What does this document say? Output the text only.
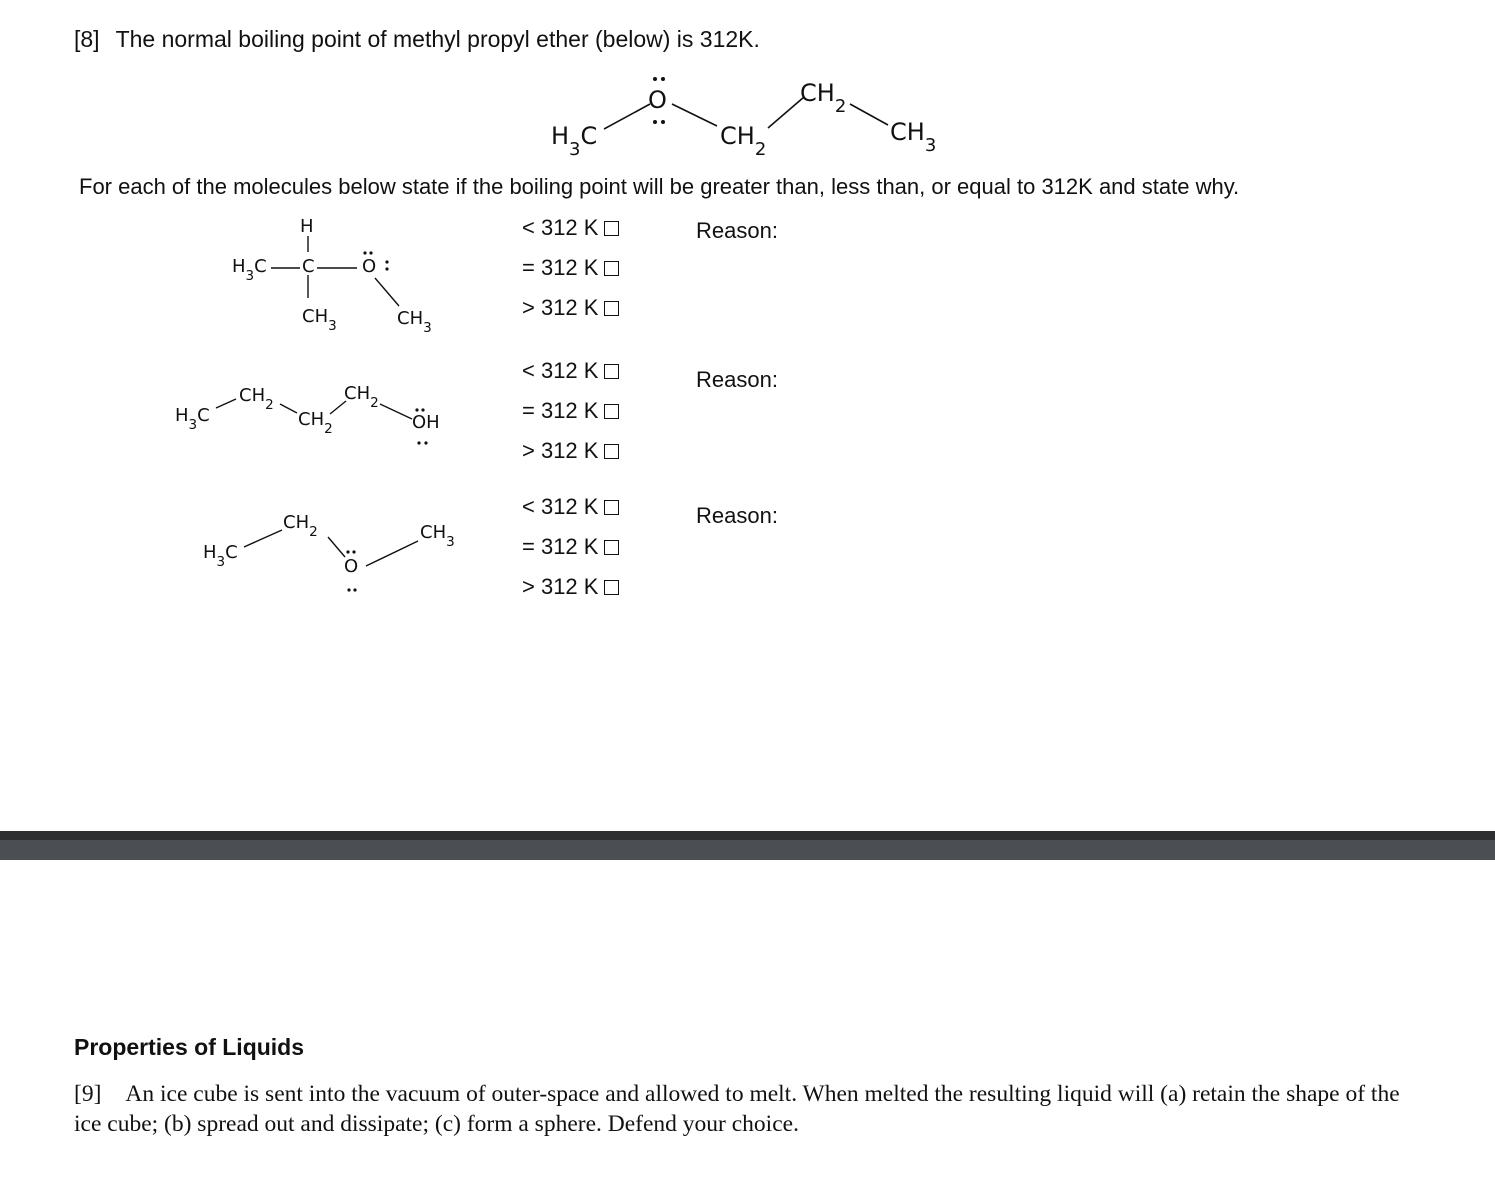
[8] The normal boiling point of methyl propyl ether (below) is 312K.
$H_3C$
O
$CH_2$
$CH_2$
$CH_3$
For each of the molecules below state if the boiling point will be greater than, less than, or equal to 312K and state why.
H
$H_3C$ C	O
$CH_3$	$CH_3$
$H_3C$
$CH_2$
$CH_2$
$CH_2$
OH
$H_3C$
$CH_2$
O
$CH_3$
< 312 K
= 312 K
> 312 K
Reason:
< 312 K
= 312 K
> 312 K
Reason:
< 312 K
= 312 K
> 312 K
Reason:
Properties of Liquids
[9] An ice cube is sent into the vacuum of outer-space and allowed to melt. When melted the resulting liquid will (a) retain the shape of the ice cube; (b) spread out and dissipate; (c) form a sphere. Defend your choice.
